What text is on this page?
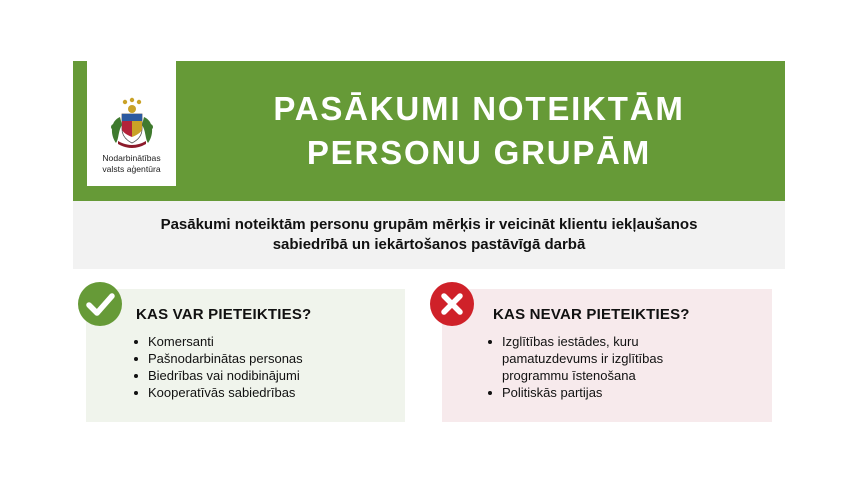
Nodarbinātības
valsts aģentūra
PASĀKUMI NOTEIKTĀM
PERSONU GRUPĀM
Pasākumi noteiktām personu grupām mērķis ir veicināt klientu iekļaušanos
sabiedrībā un iekārtošanos pastāvīgā darbā
KAS VAR PIETEIKTIES?
Komersanti
Pašnodarbinātas personas
Biedrības vai nodibinājumi
Kooperatīvās sabiedrības
KAS NEVAR PIETEIKTIES?
Izglītības iestādes, kuru pamatuzdevums ir izglītības programmu īstenošana
Politiskās partijas
